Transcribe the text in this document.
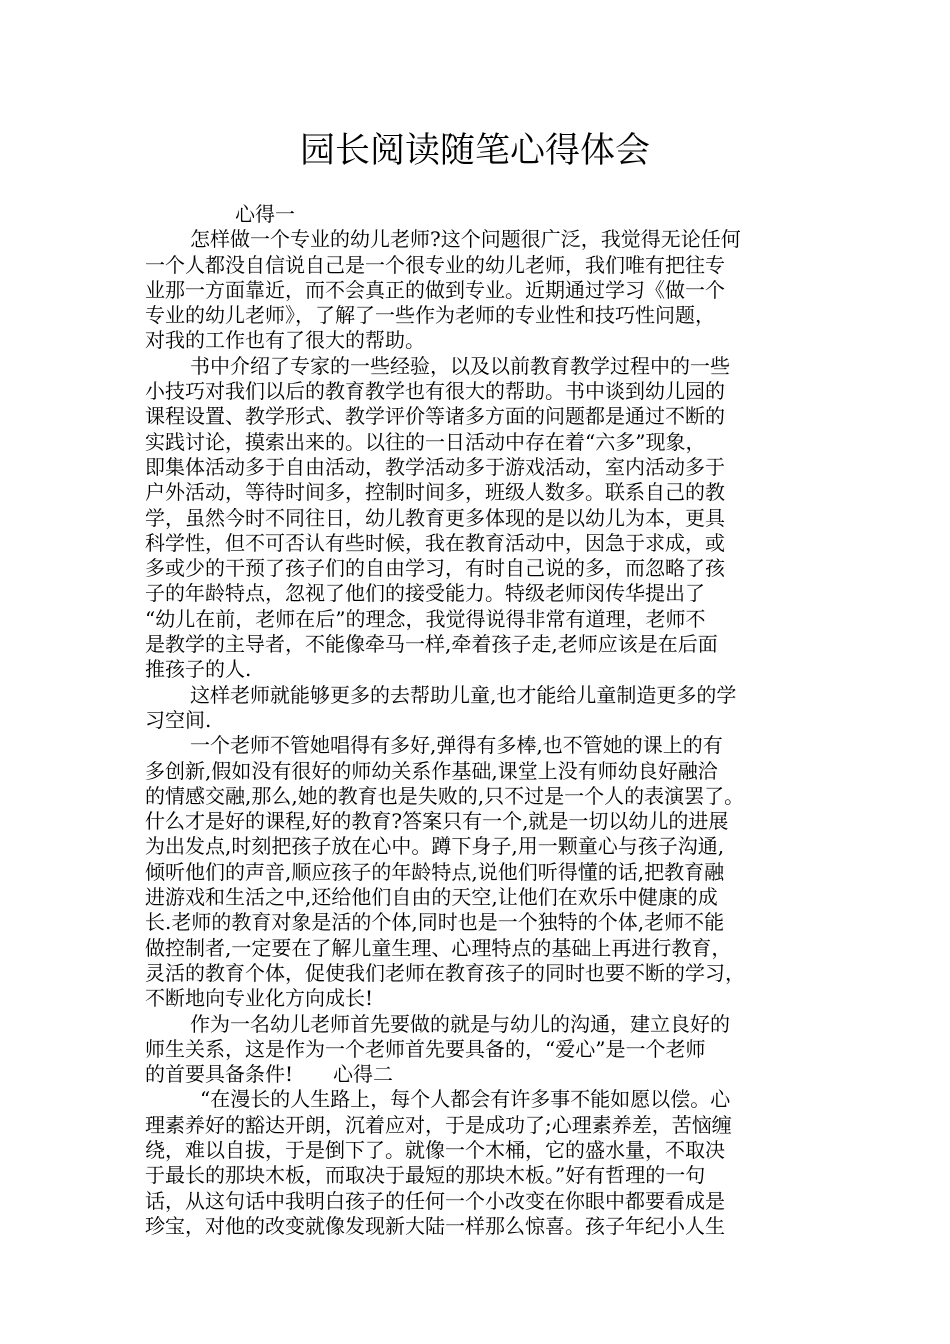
园长阅读随笔心得体会
心得一
怎样做一个专业的幼儿老师?这个问题很广泛，我觉得无论任何
一个人都没自信说自己是一个很专业的幼儿老师，我们唯有把往专
业那一方面靠近，而不会真正的做到专业。近期通过学习《做一个
专业的幼儿老师》，了解了一些作为老师的专业性和技巧性问题，
对我的工作也有了很大的帮助。
书中介绍了专家的一些经验，以及以前教育教学过程中的一些
小技巧对我们以后的教育教学也有很大的帮助。书中谈到幼儿园的
课程设置、教学形式、教学评价等诸多方面的问题都是通过不断的
实践讨论，摸索出来的。以往的一日活动中存在着“六多”现象，
即集体活动多于自由活动，教学活动多于游戏活动，室内活动多于
户外活动，等待时间多，控制时间多，班级人数多。联系自己的教
学，虽然今时不同往日，幼儿教育更多体现的是以幼儿为本，更具
科学性，但不可否认有些时候，我在教育活动中，因急于求成，或
多或少的干预了孩子们的自由学习，有时自己说的多，而忽略了孩
子的年龄特点，忽视了他们的接受能力。特级老师闵传华提出了
“幼儿在前，老师在后”的理念，我觉得说得非常有道理，老师不
是教学的主导者，不能像牵马一样,牵着孩子走,老师应该是在后面
推孩子的人.
这样老师就能够更多的去帮助儿童,也才能给儿童制造更多的学
习空间.
一个老师不管她唱得有多好,弹得有多棒,也不管她的课上的有
多创新,假如没有很好的师幼关系作基础,课堂上没有师幼良好融洽
的情感交融,那么,她的教育也是失败的,只不过是一个人的表演罢了。
什么才是好的课程,好的教育?答案只有一个,就是一切以幼儿的进展
为出发点,时刻把孩子放在心中。蹲下身子,用一颗童心与孩子沟通,
倾听他们的声音,顺应孩子的年龄特点,说他们听得懂的话,把教育融
进游戏和生活之中,还给他们自由的天空,让他们在欢乐中健康的成
长.老师的教育对象是活的个体,同时也是一个独特的个体,老师不能
做控制者,一定要在了解儿童生理、心理特点的基础上再进行教育，
灵活的教育个体，促使我们老师在教育孩子的同时也要不断的学习，
不断地向专业化方向成长!
作为一名幼儿老师首先要做的就是与幼儿的沟通，建立良好的
师生关系，这是作为一个老师首先要具备的，“爱心”是一个老师
的首要具备条件!　　心得二
“在漫长的人生路上，每个人都会有许多事不能如愿以偿。心
理素养好的豁达开朗，沉着应对，于是成功了;心理素养差，苦恼缠
绕，难以自拔，于是倒下了。就像一个木桶，它的盛水量，不取决
于最长的那块木板，而取决于最短的那块木板。”好有哲理的一句
话，从这句话中我明白孩子的任何一个小改变在你眼中都要看成是
珍宝，对他的改变就像发现新大陆一样那么惊喜。孩子年纪小人生
